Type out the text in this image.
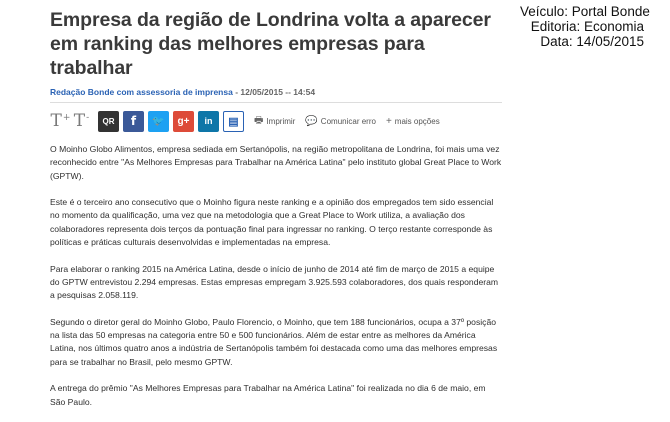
Empresa da região de Londrina volta a aparecer em ranking das melhores empresas para trabalhar
Redação Bonde com assessoria de imprensa - 12/05/2015 -- 14:54
T+ T- QR f 🐦 g+ in ▤ 🖶 Imprimir 💬 Comunicar erro + mais opções

O Moinho Globo Alimentos, empresa sediada em Sertanópolis, na região metropolitana de Londrina, foi mais uma vez reconhecido entre "As Melhores Empresas para Trabalhar na América Latina" pelo instituto global Great Place to Work (GPTW).

Este é o terceiro ano consecutivo que o Moinho figura neste ranking e a opinião dos empregados tem sido essencial no momento da qualificação, uma vez que na metodologia que a Great Place to Work utiliza, a avaliação dos colaboradores representa dois terços da pontuação final para ingressar no ranking. O terço restante corresponde às políticas e práticas culturais desenvolvidas e implementadas na empresa.

Para elaborar o ranking 2015 na América Latina, desde o início de junho de 2014 até fim de março de 2015 a equipe do GPTW entrevistou 2.294 empresas. Estas empresas empregam 3.925.593 colaboradores, dos quais responderam a pesquisas 2.058.119.

Segundo o diretor geral do Moinho Globo, Paulo Florencio, o Moinho, que tem 188 funcionários, ocupa a 37º posição na lista das 50 empresas na categoria entre 50 e 500 funcionários. Além de estar entre as melhores da América Latina, nos últimos quatro anos a indústria de Sertanópolis também foi destacada como uma das melhores empresas para se trabalhar no Brasil, pelo mesmo GPTW.

A entrega do prêmio "As Melhores Empresas para Trabalhar na América Latina" foi realizada no dia 6 de maio, em São Paulo.

Veículo: Portal Bonde
Editoria: Economia
Data: 14/05/2015
